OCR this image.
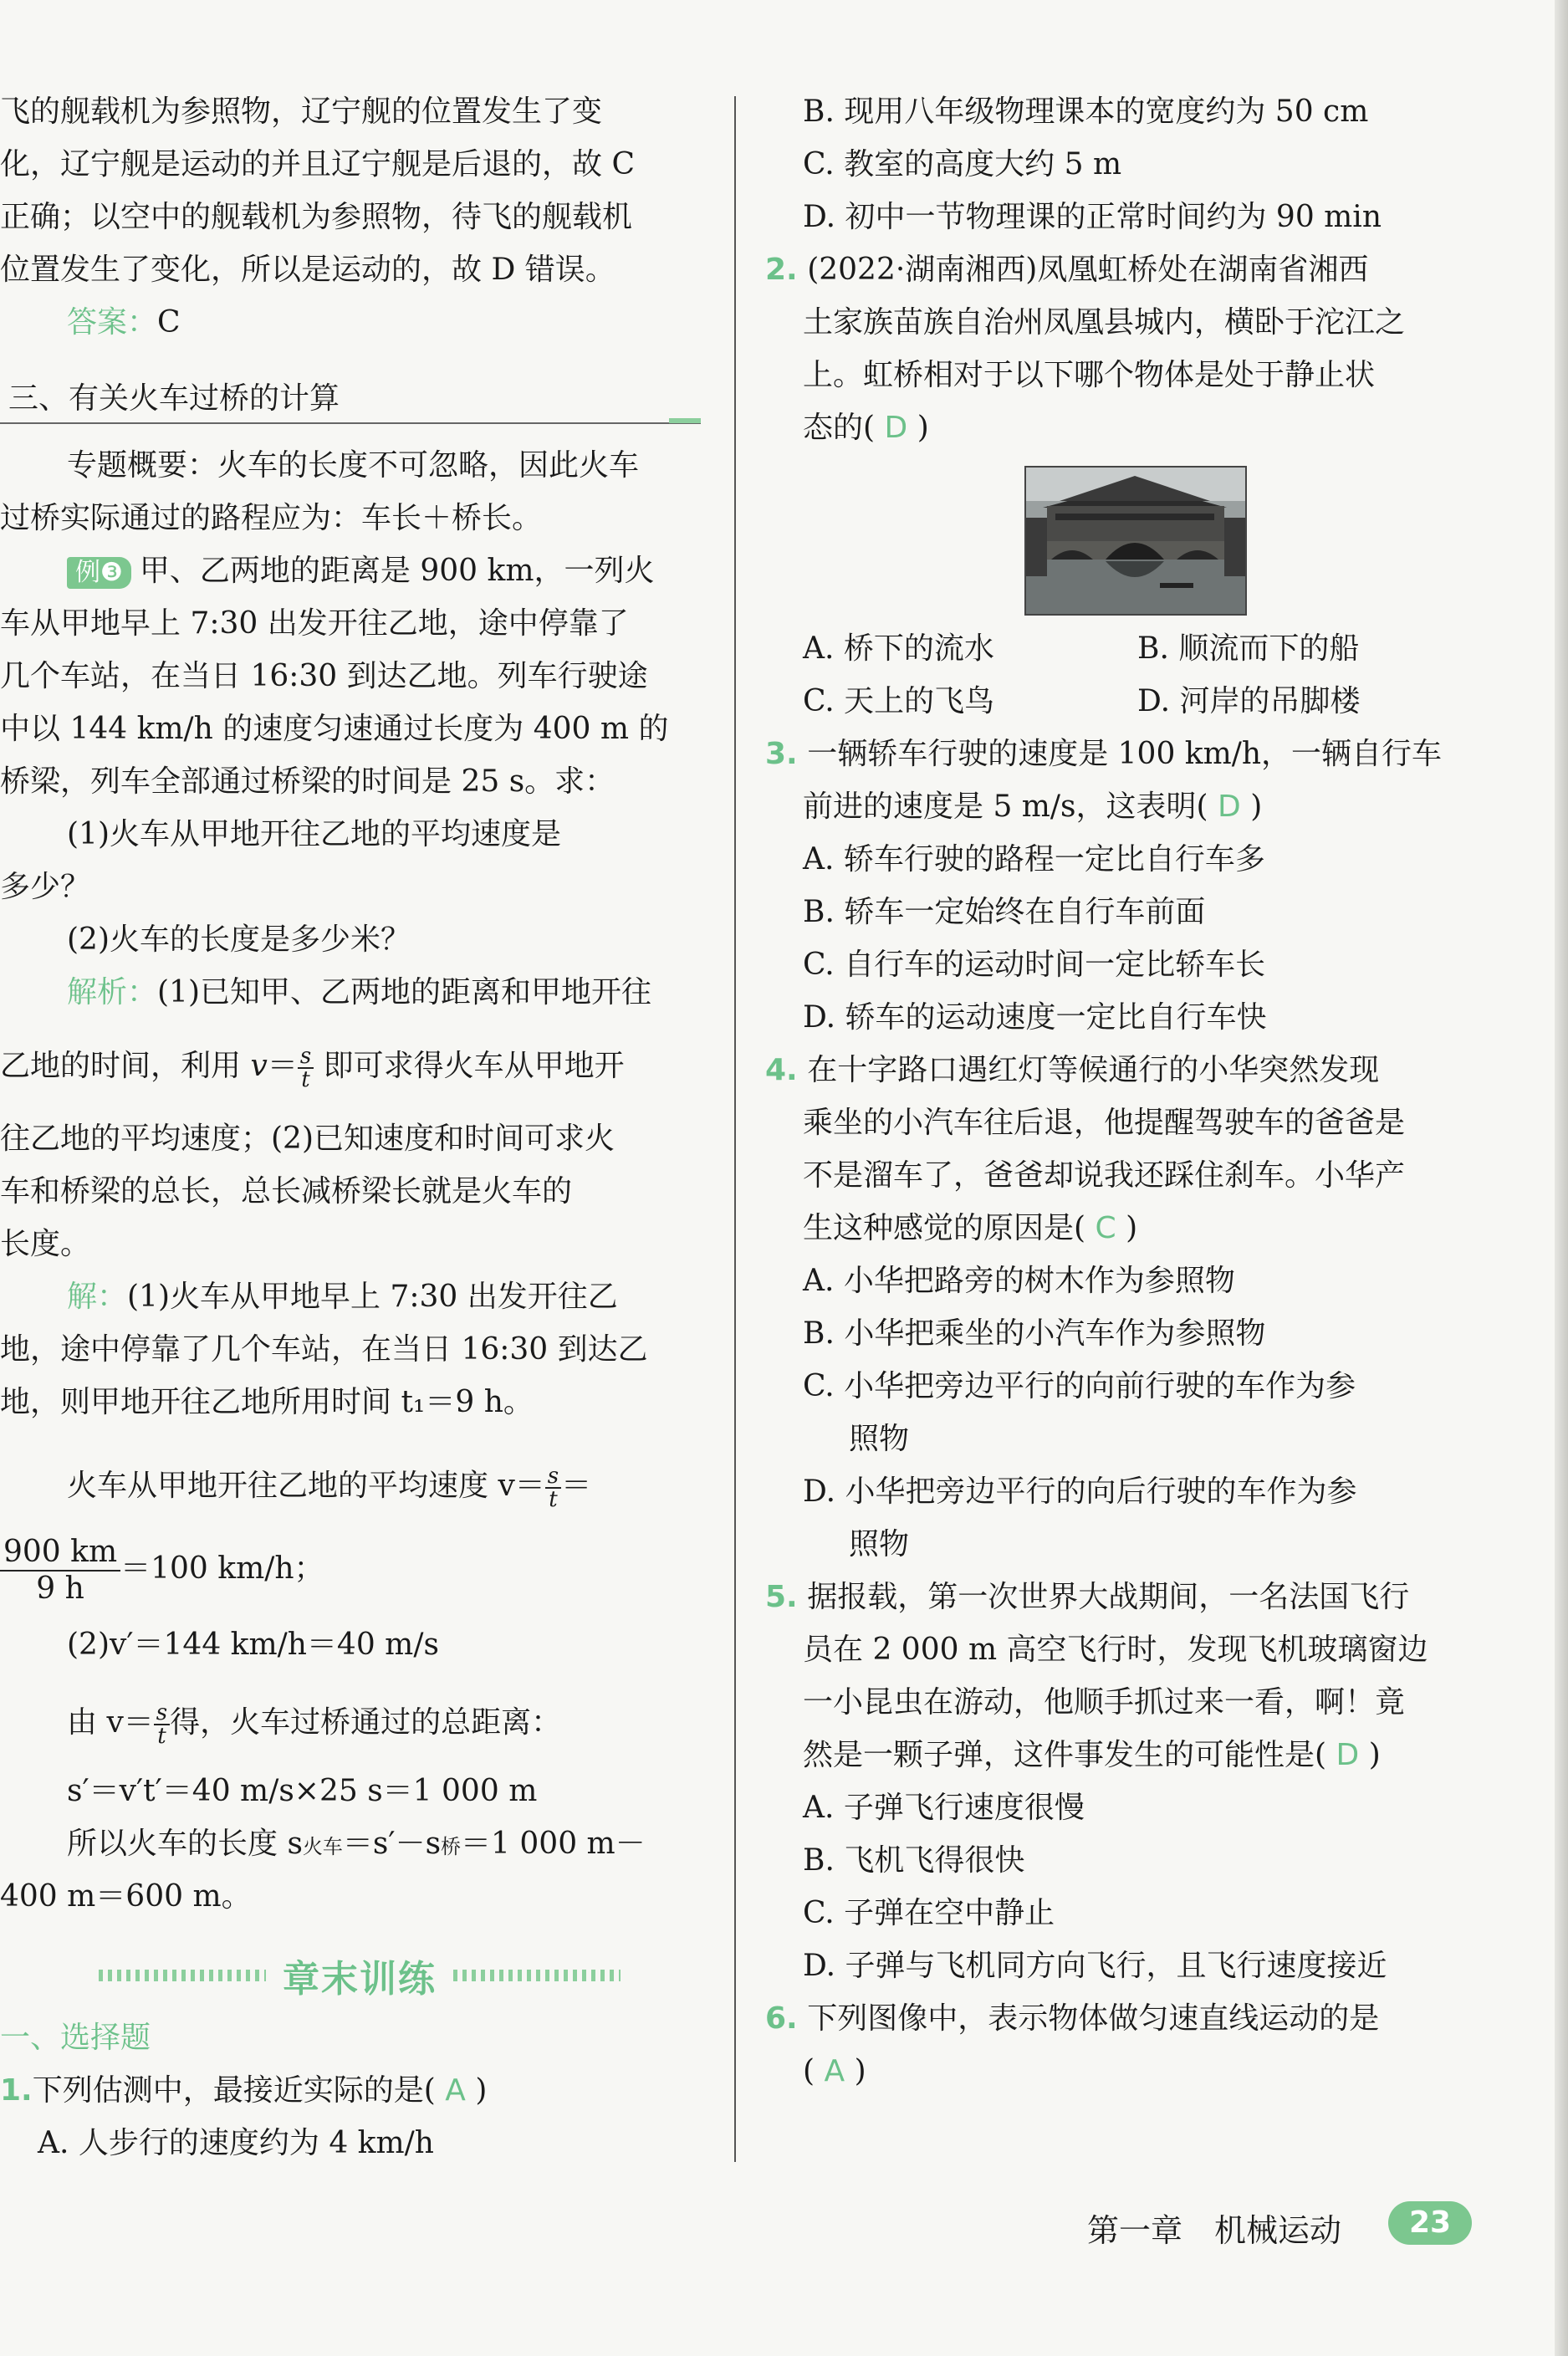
飞的舰载机为参照物，辽宁舰的位置发生了变
化，辽宁舰是运动的并且辽宁舰是后退的，故 C
正确；以空中的舰载机为参照物，待飞的舰载机
位置发生了变化，所以是运动的，故 D 错误。
答案：C
三、有关火车过桥的计算
专题概要：火车的长度不可忽略，因此火车
过桥实际通过的路程应为：车长＋桥长。
例❸ 甲、乙两地的距离是 900 km，一列火
车从甲地早上 7:30 出发开往乙地，途中停靠了
几个车站，在当日 16:30 到达乙地。列车行驶途
中以 144 km/h 的速度匀速通过长度为 400 m 的
桥梁，列车全部通过桥梁的时间是 25 s。求：
(1)火车从甲地开往乙地的平均速度是
多少？
(2)火车的长度是多少米？
解析：(1)已知甲、乙两地的距离和甲地开往
乙地的时间，利用 $v= \frac{s}{t}$ 即可求得火车从甲地开
往乙地的平均速度；(2)已知速度和时间可求火
车和桥梁的总长，总长减桥梁长就是火车的
长度。
解：(1)火车从甲地早上 7:30 出发开往乙
地，途中停靠了几个车站，在当日 16:30 到达乙
地，则甲地开往乙地所用时间 t₁＝9 h。
火车从甲地开往乙地的平均速度 $v= \frac{s}{t}$ ＝
$\frac{900 km}{9 h} =100$ km/h；
(2)v′＝144 km/h＝40 m/s
由 $v= \frac{s}{t}$ 得，火车过桥通过的总距离：
s′＝v′t′＝40 m/s×25 s＝1 000 m
所以火车的长度 s火车＝s′－s桥＝1 000 m－
400 m＝600 m。
章末训练
一、选择题
1.下列估测中，最接近实际的是( A )
A. 人步行的速度约为 4 km/h
B. 现用八年级物理课本的宽度约为 50 cm
C. 教室的高度大约 5 m
D. 初中一节物理课的正常时间约为 90 min
2. (2022·湖南湘西)凤凰虹桥处在湖南省湘西
土家族苗族自治州凤凰县城内，横卧于沱江之
上。虹桥相对于以下哪个物体是处于静止状
态的( D )
A. 桥下的流水	B. 顺流而下的船
C. 天上的飞鸟	D. 河岸的吊脚楼
3. 一辆轿车行驶的速度是 100 km/h，一辆自行车
前进的速度是 5 m/s，这表明( D )
A. 轿车行驶的路程一定比自行车多
B. 轿车一定始终在自行车前面
C. 自行车的运动时间一定比轿车长
D. 轿车的运动速度一定比自行车快
4. 在十字路口遇红灯等候通行的小华突然发现
乘坐的小汽车往后退，他提醒驾驶车的爸爸是
不是溜车了，爸爸却说我还踩住刹车。小华产
生这种感觉的原因是( C )
A. 小华把路旁的树木作为参照物
B. 小华把乘坐的小汽车作为参照物
C. 小华把旁边平行的向前行驶的车作为参
照物
D. 小华把旁边平行的向后行驶的车作为参
照物
5. 据报载，第一次世界大战期间，一名法国飞行
员在 2 000 m 高空飞行时，发现飞机玻璃窗边
一小昆虫在游动，他顺手抓过来一看，啊！竟
然是一颗子弹，这件事发生的可能性是( D )
A. 子弹飞行速度很慢
B. 飞机飞得很快
C. 子弹在空中静止
D. 子弹与飞机同方向飞行，且飞行速度接近
6. 下列图像中，表示物体做匀速直线运动的是
( A )
第一章　机械运动	23
